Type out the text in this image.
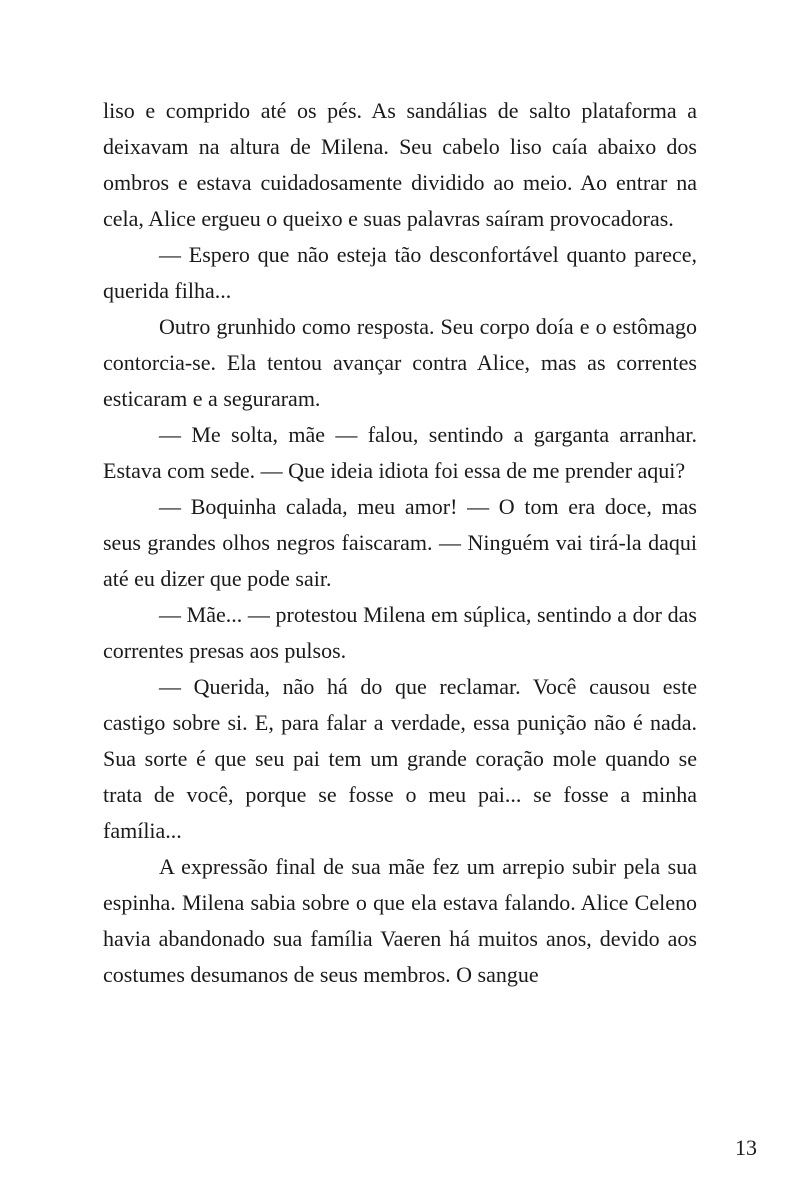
liso e comprido até os pés. As sandálias de salto plataforma a deixavam na altura de Milena. Seu cabelo liso caía abaixo dos ombros e estava cuidadosamente dividido ao meio. Ao entrar na cela, Alice ergueu o queixo e suas palavras saíram provocadoras.

— Espero que não esteja tão desconfortável quanto parece, querida filha...

Outro grunhido como resposta. Seu corpo doía e o estômago contorcia-se. Ela tentou avançar contra Alice, mas as correntes esticaram e a seguraram.

— Me solta, mãe — falou, sentindo a garganta arranhar. Estava com sede. — Que ideia idiota foi essa de me prender aqui?

— Boquinha calada, meu amor! — O tom era doce, mas seus grandes olhos negros faiscaram. — Ninguém vai tirá-la daqui até eu dizer que pode sair.

— Mãe... — protestou Milena em súplica, sentindo a dor das correntes presas aos pulsos.

— Querida, não há do que reclamar. Você causou este castigo sobre si. E, para falar a verdade, essa punição não é nada. Sua sorte é que seu pai tem um grande coração mole quando se trata de você, porque se fosse o meu pai... se fosse a minha família...

A expressão final de sua mãe fez um arrepio subir pela sua espinha. Milena sabia sobre o que ela estava falando. Alice Celeno havia abandonado sua família Vaeren há muitos anos, devido aos costumes desumanos de seus membros. O sangue

13
